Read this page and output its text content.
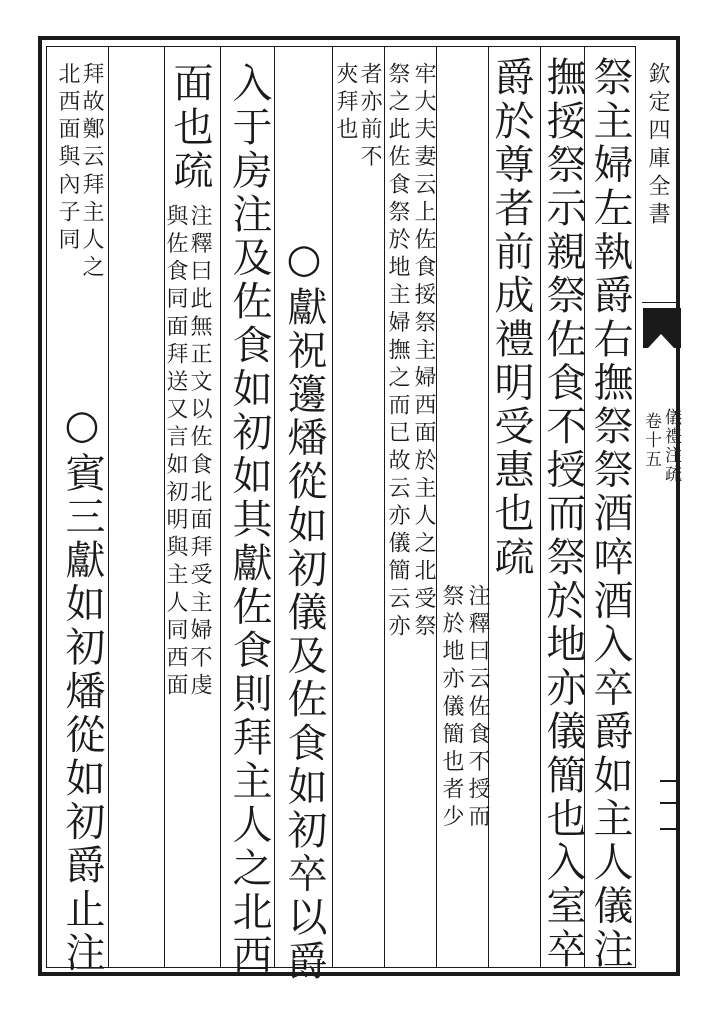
欽定四庫全書
儀禮注疏
卷十五
祭主婦左執爵右撫祭祭酒啐酒入卒爵如主人儀注
撫挼祭示親祭佐食不授而祭於地亦儀簡也入室卒
爵於尊者前成禮明受惠也疏
注釋曰云佐食不授而
祭於地亦儀簡也者少
牢大夫妻云上佐食挼祭主婦西面於主人之北受祭
祭之此佐食祭於地主婦撫之而已故云亦儀簡云亦
者亦前不
夾拜也
○獻祝籩燔從如初儀及佐食如初卒以爵
入于房注及佐食如初如其獻佐食則拜主人之北西
面也疏
注釋曰此無正文以佐食北面拜受主婦不虔
與佐食同面拜送又言如初明與主人同西面
拜故鄭云拜主人之
北西面與內子同
○賓三獻如初燔從如初爵止注
